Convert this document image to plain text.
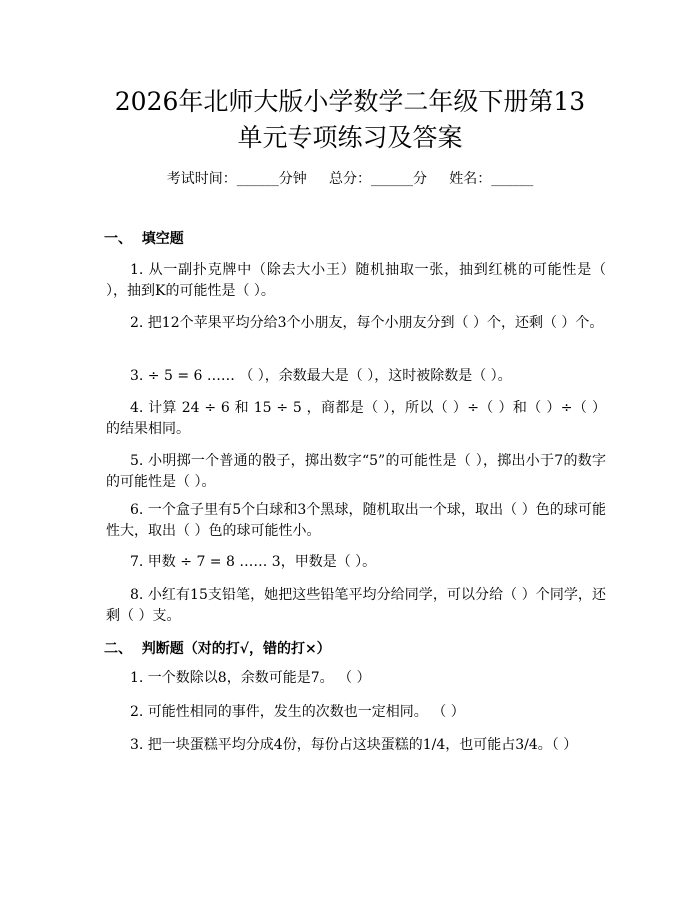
2026年北师大版小学数学二年级下册第13
单元专项练习及答案
考试时间：______分钟     总分：______分     姓名：______
一、  填空题

1. 从一副扑克牌中（除去大小王）随机抽取一张，抽到红桃的可能性是（ ），抽到K的可能性是（ ）。

2. 把12个苹果平均分给3个小朋友，每个小朋友分到（ ）个，还剩（ ）个。

3. ÷ 5 = 6 …… （ ），余数最大是（ ），这时被除数是（ ）。

4. 计算 24 ÷ 6 和 15 ÷ 5 ，商都是（ ），所以（ ）÷（ ）和（ ）÷（ ）的结果相同。

5. 小明掷一个普通的骰子，掷出数字“5”的可能性是（ ），掷出小于7的数字的可能性是（ ）。

6. 一个盒子里有5个白球和3个黑球，随机取出一个球，取出（ ）色的球可能性大，取出（ ）色的球可能性小。

7. 甲数 ÷ 7 = 8 …… 3，甲数是（ ）。

8. 小红有15支铅笔，她把这些铅笔平均分给同学，可以分给（ ）个同学，还剩（ ）支。

二、  判断题（对的打√，错的打×）

1. 一个数除以8，余数可能是7。 （ ）

2. 可能性相同的事件，发生的次数也一定相同。 （ ）

3. 把一块蛋糕平均分成4份，每份占这块蛋糕的1/4，也可能占3/4。（ ）
